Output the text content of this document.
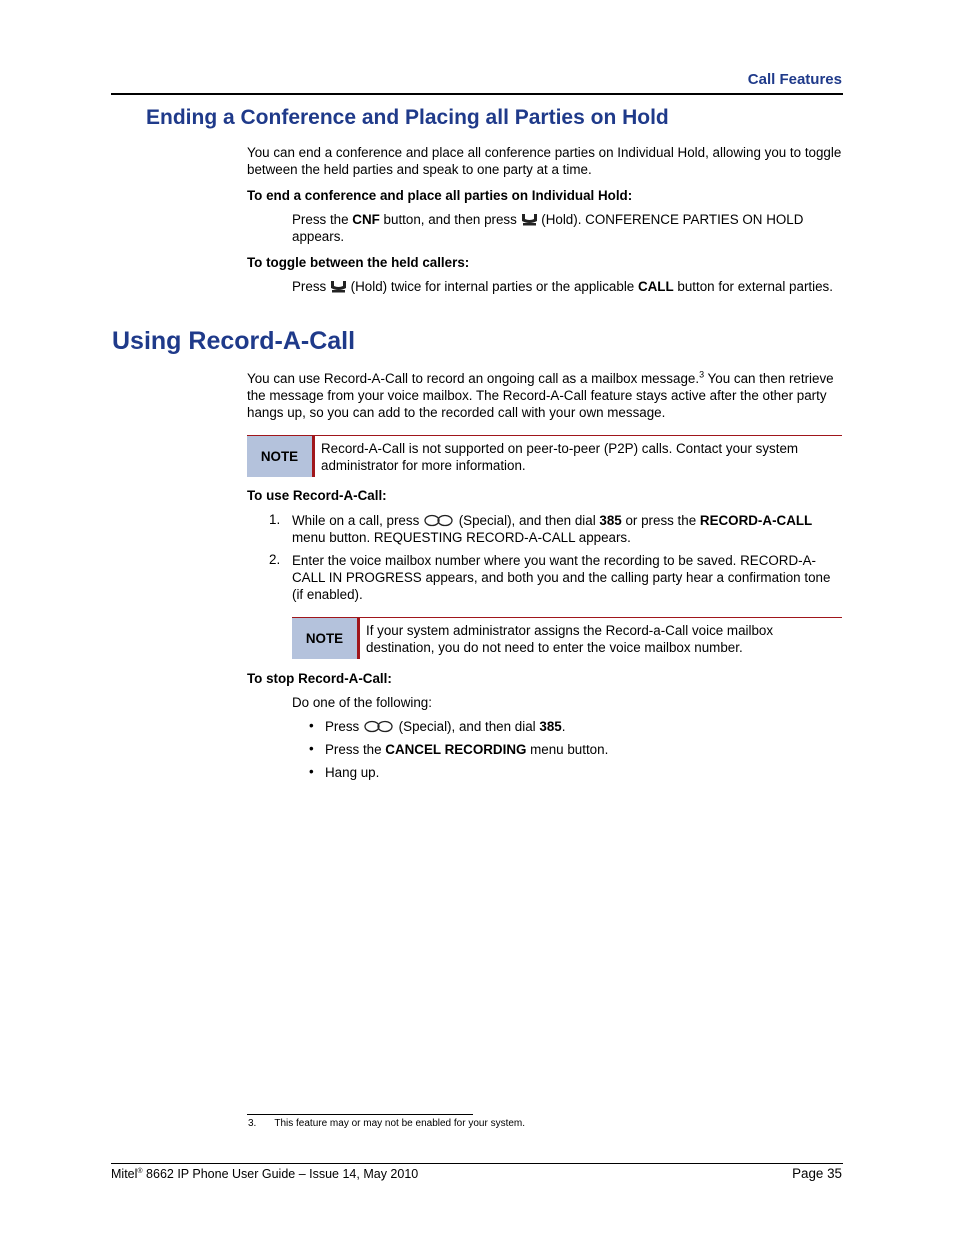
Call Features
Ending a Conference and Placing all Parties on Hold
You can end a conference and place all conference parties on Individual Hold, allowing you to toggle between the held parties and speak to one party at a time.
To end a conference and place all parties on Individual Hold:
Press the CNF button, and then press  (Hold). CONFERENCE PARTIES ON HOLD appears.
To toggle between the held callers:
Press  (Hold) twice for internal parties or the applicable CALL button for external parties.
Using Record-A-Call
You can use Record-A-Call to record an ongoing call as a mailbox message.$^3$ You can then retrieve the message from your voice mailbox. The Record-A-Call feature stays active after the other party hangs up, so you can add to the recorded call with your own message.
NOTE
Record-A-Call is not supported on peer-to-peer (P2P) calls. Contact your system administrator for more information.
To use Record-A-Call:
1. While on a call, press  (Special), and then dial 385 or press the RECORD-A-CALL menu button. REQUESTING RECORD-A-CALL appears.
2. Enter the voice mailbox number where you want the recording to be saved. RECORD-A-CALL IN PROGRESS appears, and both you and the calling party hear a confirmation tone (if enabled).
NOTE
If your system administrator assigns the Record-a-Call voice mailbox destination, you do not need to enter the voice mailbox number.
To stop Record-A-Call:
Do one of the following:
• Press  (Special), and then dial 385.
• Press the CANCEL RECORDING menu button.
• Hang up.
3. This feature may or may not be enabled for your system.
Mitel® 8662 IP Phone User Guide – Issue 14, May 2010	Page 35
